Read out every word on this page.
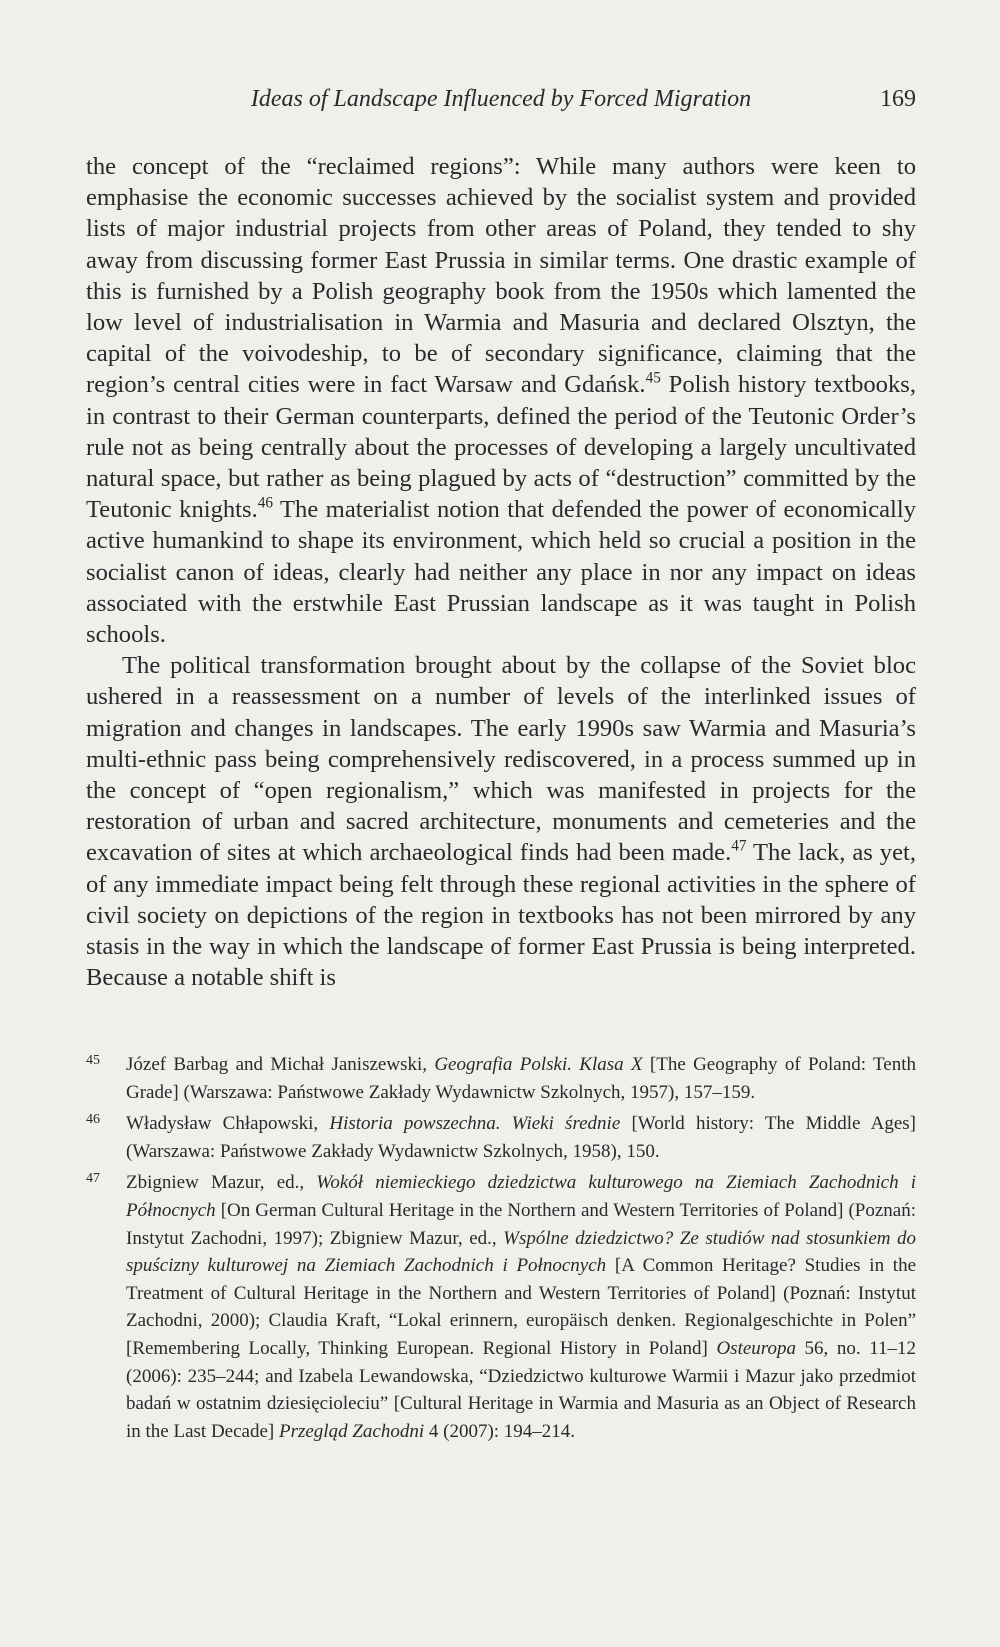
Ideas of Landscape Influenced by Forced Migration	169

the concept of the “reclaimed regions”: While many authors were keen to emphasise the economic successes achieved by the socialist system and provided lists of major industrial projects from other areas of Poland, they tended to shy away from discussing former East Prussia in similar terms. One drastic example of this is furnished by a Polish geography book from the 1950s which lamented the low level of industrialisation in Warmia and Masuria and declared Olsztyn, the capital of the voivodeship, to be of secondary significance, claiming that the region’s central cities were in fact Warsaw and Gdańsk.$^{45}$ Polish history textbooks, in contrast to their German counterparts, defined the period of the Teutonic Order’s rule not as being centrally about the processes of developing a largely uncultivated natural space, but rather as being plagued by acts of “destruction” committed by the Teutonic knights.$^{46}$ The materialist notion that defended the power of economically active humankind to shape its environment, which held so crucial a position in the socialist canon of ideas, clearly had neither any place in nor any impact on ideas associated with the erstwhile East Prussian landscape as it was taught in Polish schools.

The political transformation brought about by the collapse of the Soviet bloc ushered in a reassessment on a number of levels of the interlinked issues of migration and changes in landscapes. The early 1990s saw Warmia and Masuria’s multi-ethnic pass being comprehensively rediscovered, in a process summed up in the concept of “open regionalism,” which was manifested in projects for the restoration of urban and sacred architecture, monuments and cemeteries and the excavation of sites at which archaeological finds had been made.$^{47}$ The lack, as yet, of any immediate impact being felt through these regional activities in the sphere of civil society on depictions of the region in textbooks has not been mirrored by any stasis in the way in which the landscape of former East Prussia is being interpreted. Because a notable shift is

45	Józef Barbag and Michał Janiszewski, Geografia Polski. Klasa X [The Geography of Poland: Tenth Grade] (Warszawa: Państwowe Zakłady Wydawnictw Szkolnych, 1957), 157–159.
46	Władysław Chłapowski, Historia powszechna. Wieki średnie [World history: The Middle Ages] (Warszawa: Państwowe Zakłady Wydawnictw Szkolnych, 1958), 150.
47	Zbigniew Mazur, ed., Wokół niemieckiego dziedzictwa kulturowego na Ziemiach Zachodnich i Północnych [On German Cultural Heritage in the Northern and Western Territories of Poland] (Poznań: Instytut Zachodni, 1997); Zbigniew Mazur, ed., Wspólne dziedzictwo? Ze studiów nad stosunkiem do spuścizny kulturowej na Ziemiach Zachodnich i Połnocnych [A Common Heritage? Studies in the Treatment of Cultural Heritage in the Northern and Western Territories of Poland] (Poznań: Instytut Zachodni, 2000); Claudia Kraft, “Lokal erinnern, europäisch denken. Regionalgeschichte in Polen” [Remembering Locally, Thinking European. Regional History in Poland] Osteuropa 56, no. 11–12 (2006): 235–244; and Izabela Lewandowska, “Dziedzictwo kulturowe Warmii i Mazur jako przedmiot badań w ostatnim dziesięcioleciu” [Cultural Heritage in Warmia and Masuria as an Object of Research in the Last Decade] Przegląd Zachodni 4 (2007): 194–214.
